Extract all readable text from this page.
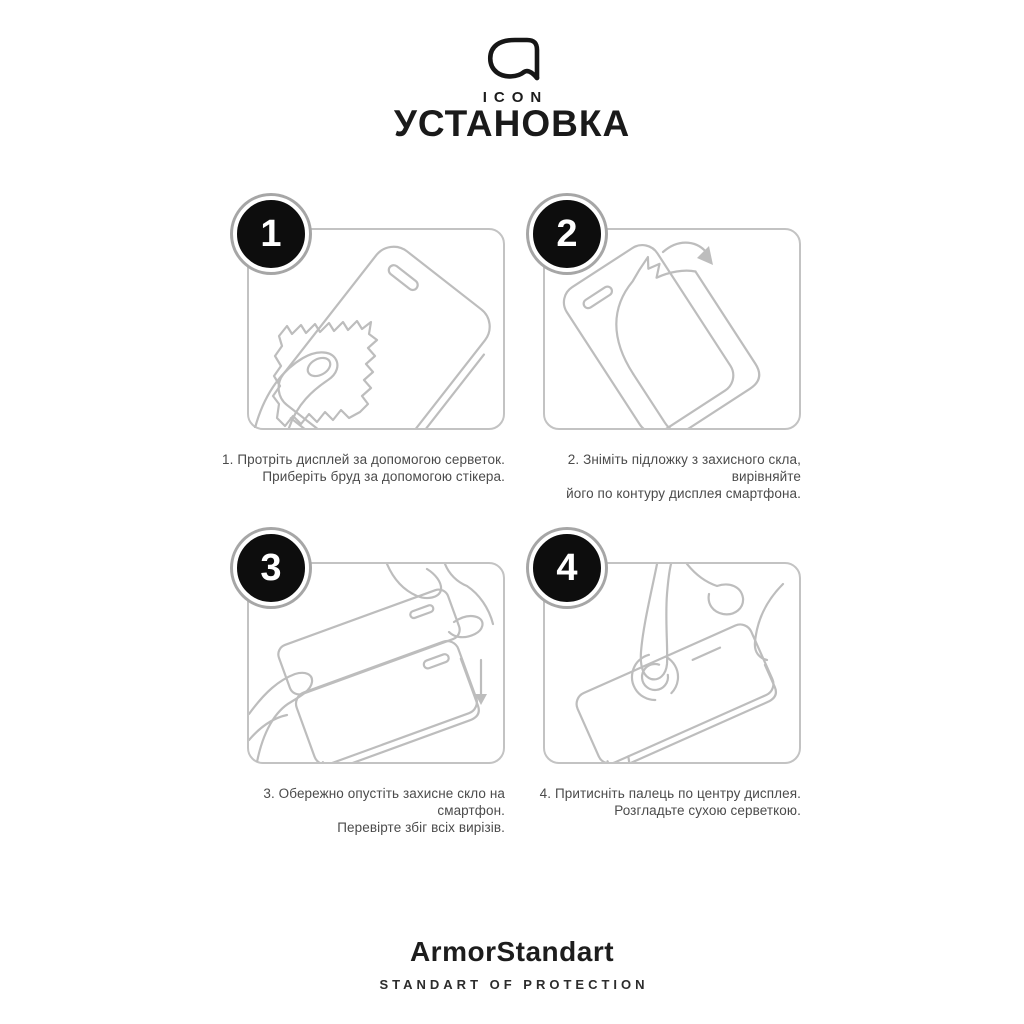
ICON
УСТАНОВКА
1
1. Протріть дисплей за допомогою серветок.
Приберіть бруд за допомогою стікера.
2
2. Зніміть підложку з захисного скла, вирівняйте
його по контуру дисплея смартфона.
3
3. Обережно опустіть захисне скло на смартфон.
Перевірте збіг всіх вирізів.
4
4. Притисніть палець по центру дисплея.
Розгладьте сухою серветкою.
ArmorStandart
STANDART OF PROTECTION
